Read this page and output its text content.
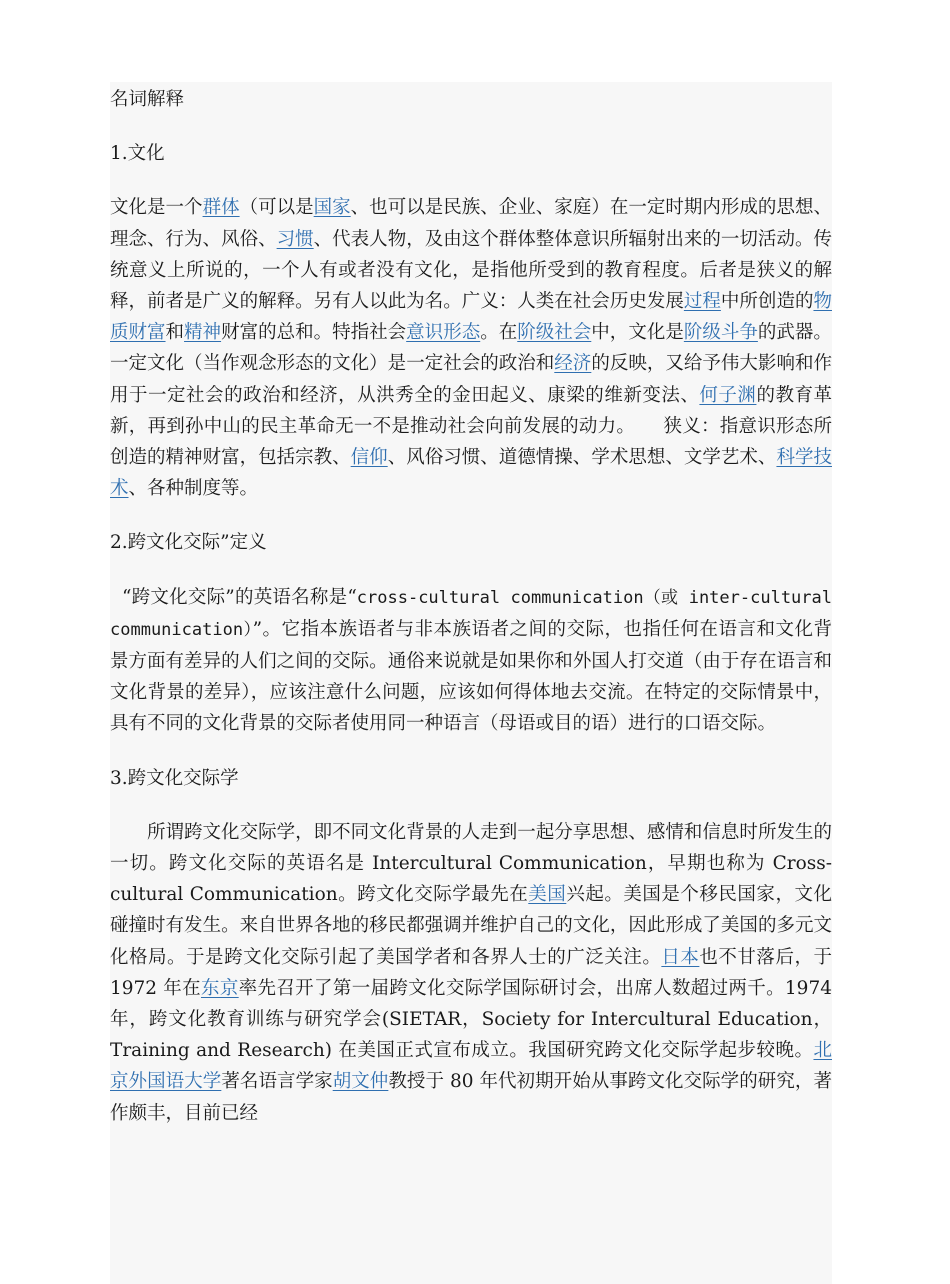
名词解释
1.文化
文化是一个群体（可以是国家、也可以是民族、企业、家庭）在一定时期内形成的思想、理念、行为、风俗、习惯、代表人物，及由这个群体整体意识所辐射出来的一切活动。传统意义上所说的，一个人有或者没有文化，是指他所受到的教育程度。后者是狭义的解释，前者是广义的解释。另有人以此为名。广义：人类在社会历史发展过程中所创造的物质财富和精神财富的总和。特指社会意识形态。在阶级社会中，文化是阶级斗争的武器。一定文化（当作观念形态的文化）是一定社会的政治和经济的反映，又给予伟大影响和作用于一定社会的政治和经济，从洪秀全的金田起义、康梁的维新变法、何子渊的教育革新，再到孙中山的民主革命无一不是推动社会向前发展的动力。　　狭义：指意识形态所创造的精神财富，包括宗教、信仰、风俗习惯、道德情操、学术思想、文学艺术、科学技术、各种制度等。
2.跨文化交际”定义
“跨文化交际”的英语名称是“cross-cultural communication（或 inter-cultural communication）”。它指本族语者与非本族语者之间的交际，也指任何在语言和文化背景方面有差异的人们之间的交际。通俗来说就是如果你和外国人打交道（由于存在语言和文化背景的差异），应该注意什么问题，应该如何得体地去交流。在特定的交际情景中，具有不同的文化背景的交际者使用同一种语言（母语或目的语）进行的口语交际。
3.跨文化交际学
所谓跨文化交际学，即不同文化背景的人走到一起分享思想、感情和信息时所发生的一切。跨文化交际的英语名是 Intercultural Communication，早期也称为 Cross-cultural Communication。跨文化交际学最先在美国兴起。美国是个移民国家，文化碰撞时有发生。来自世界各地的移民都强调并维护自己的文化，因此形成了美国的多元文化格局。于是跨文化交际引起了美国学者和各界人士的广泛关注。日本也不甘落后，于 1972 年在东京率先召开了第一届跨文化交际学国际研讨会，出席人数超过两千。1974 年，跨文化教育训练与研究学会(SIETAR，Society for Intercultural Education，Training and Research) 在美国正式宣布成立。我国研究跨文化交际学起步较晚。北京外国语大学著名语言学家胡文仲教授于 80 年代初期开始从事跨文化交际学的研究，著作颇丰，目前已经
